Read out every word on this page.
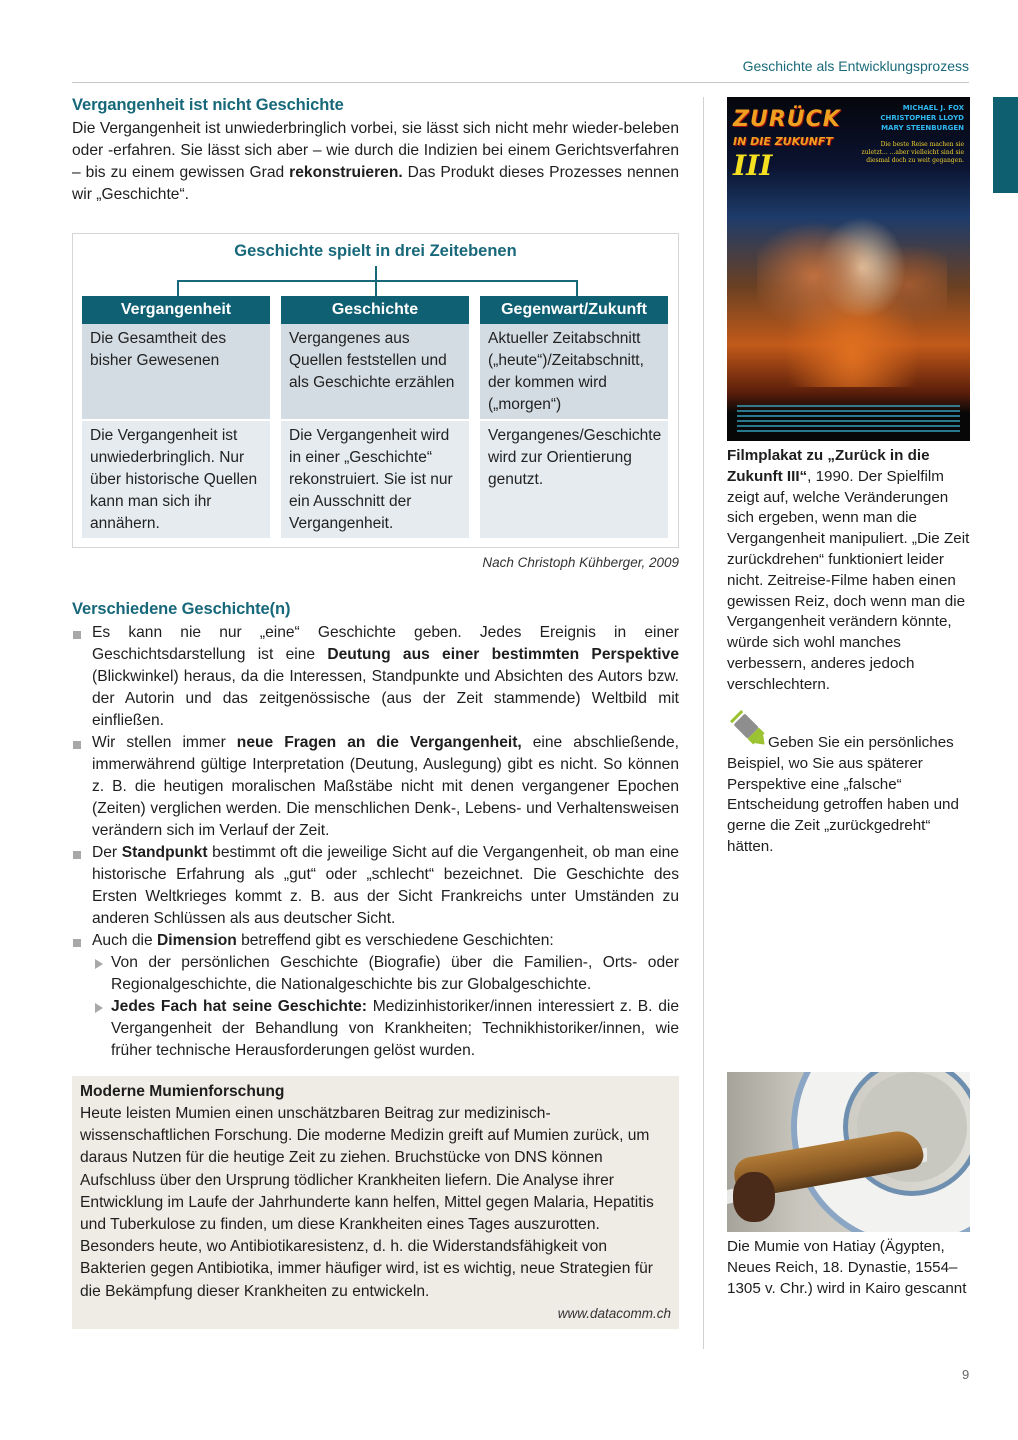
Geschichte als Entwicklungsprozess
Vergangenheit ist nicht Geschichte

Die Vergangenheit ist unwiederbringlich vorbei, sie lässt sich nicht mehr wieder-beleben oder -erfahren. Sie lässt sich aber – wie durch die Indizien bei einem Gerichtsverfahren – bis zu einem gewissen Grad rekonstruieren. Das Produkt dieses Prozesses nennen wir „Geschichte“.

Geschichte spielt in drei Zeitebenen
Vergangenheit
Die Gesamtheit des bisher Gewesenen
Die Vergangenheit ist unwiederbringlich. Nur über historische Quellen kann man sich ihr annähern.
Geschichte
Vergangenes aus Quellen feststellen und als Geschichte erzählen
Die Vergangenheit wird in einer „Geschichte“ rekonstruiert. Sie ist nur ein Ausschnitt der Vergangenheit.
Gegenwart/Zukunft
Aktueller Zeitabschnitt („heute“)/Zeitabschnitt, der kommen wird („morgen“)
Vergangenes/Geschichte wird zur Orientierung genutzt.
Nach Christoph Kühberger, 2009
Verschiedene Geschichte(n)
Es kann nie nur „eine“ Geschichte geben. Jedes Ereignis in einer Geschichtsdarstellung ist eine Deutung aus einer bestimmten Perspektive (Blickwinkel) heraus, da die Interessen, Standpunkte und Absichten des Autors bzw. der Autorin und das zeitgenössische (aus der Zeit stammende) Weltbild mit einfließen.
Wir stellen immer neue Fragen an die Vergangenheit, eine abschließende, immerwährend gültige Interpretation (Deutung, Auslegung) gibt es nicht. So können z. B. die heutigen moralischen Maßstäbe nicht mit denen vergangener Epochen (Zeiten) verglichen werden. Die menschlichen Denk-, Lebens- und Verhaltensweisen verändern sich im Verlauf der Zeit.
Der Standpunkt bestimmt oft die jeweilige Sicht auf die Vergangenheit, ob man eine historische Erfahrung als „gut“ oder „schlecht“ bezeichnet. Die Geschichte des Ersten Weltkrieges kommt z. B. aus der Sicht Frankreichs unter Umständen zu anderen Schlüssen als aus deutscher Sicht.
Auch die Dimension betreffend gibt es verschiedene Geschichten:
Von der persönlichen Geschichte (Biografie) über die Familien-, Orts- oder Regionalgeschichte, die Nationalgeschichte bis zur Globalgeschichte.
Jedes Fach hat seine Geschichte: Medizinhistoriker/innen interessiert z. B. die Vergangenheit der Behandlung von Krankheiten; Technikhistoriker/innen, wie früher technische Herausforderungen gelöst wurden.
Moderne Mumienforschung

Heute leisten Mumien einen unschätzbaren Beitrag zur medizinisch-wissenschaftlichen Forschung. Die moderne Medizin greift auf Mumien zurück, um daraus Nutzen für die heutige Zeit zu ziehen. Bruchstücke von DNS können Aufschluss über den Ursprung tödlicher Krankheiten liefern. Die Analyse ihrer Entwicklung im Laufe der Jahrhunderte kann helfen, Mittel gegen Malaria, Hepatitis und Tuberkulose zu finden, um diese Krankheiten eines Tages auszurotten. Besonders heute, wo Antibiotikaresistenz, d. h. die Widerstandsfähigkeit von Bakterien gegen Antibiotika, immer häufiger wird, ist es wichtig, neue Strategien für die Bekämpfung dieser Krankheiten zu entwickeln.

www.datacomm.ch
ZURÜCK
IN DIE ZUKUNFT
III
MICHAEL J. FOX
CHRISTOPHER LLOYD
MARY STEENBURGEN
Die beste Reise machen sie zuletzt... ...aber vielleicht sind sie diesmal doch zu weit gegangen.
Filmplakat zu „Zurück in die Zukunft III“, 1990. Der Spielfilm zeigt auf, welche Veränderungen sich ergeben, wenn man die Vergangenheit manipuliert. „Die Zeit zurückdrehen“ funktioniert leider nicht. Zeitreise-Filme haben einen gewissen Reiz, doch wenn man die Vergangenheit verändern könnte, würde sich wohl manches verbessern, anderes jedoch verschlechtern.
Geben Sie ein persönliches Beispiel, wo Sie aus späterer Perspektive eine „falsche“ Entscheidung getroffen haben und gerne die Zeit „zurückgedreht“ hätten.
Die Mumie von Hatiay (Ägypten, Neues Reich, 18. Dynastie, 1554–1305 v. Chr.) wird in Kairo gescannt
9
